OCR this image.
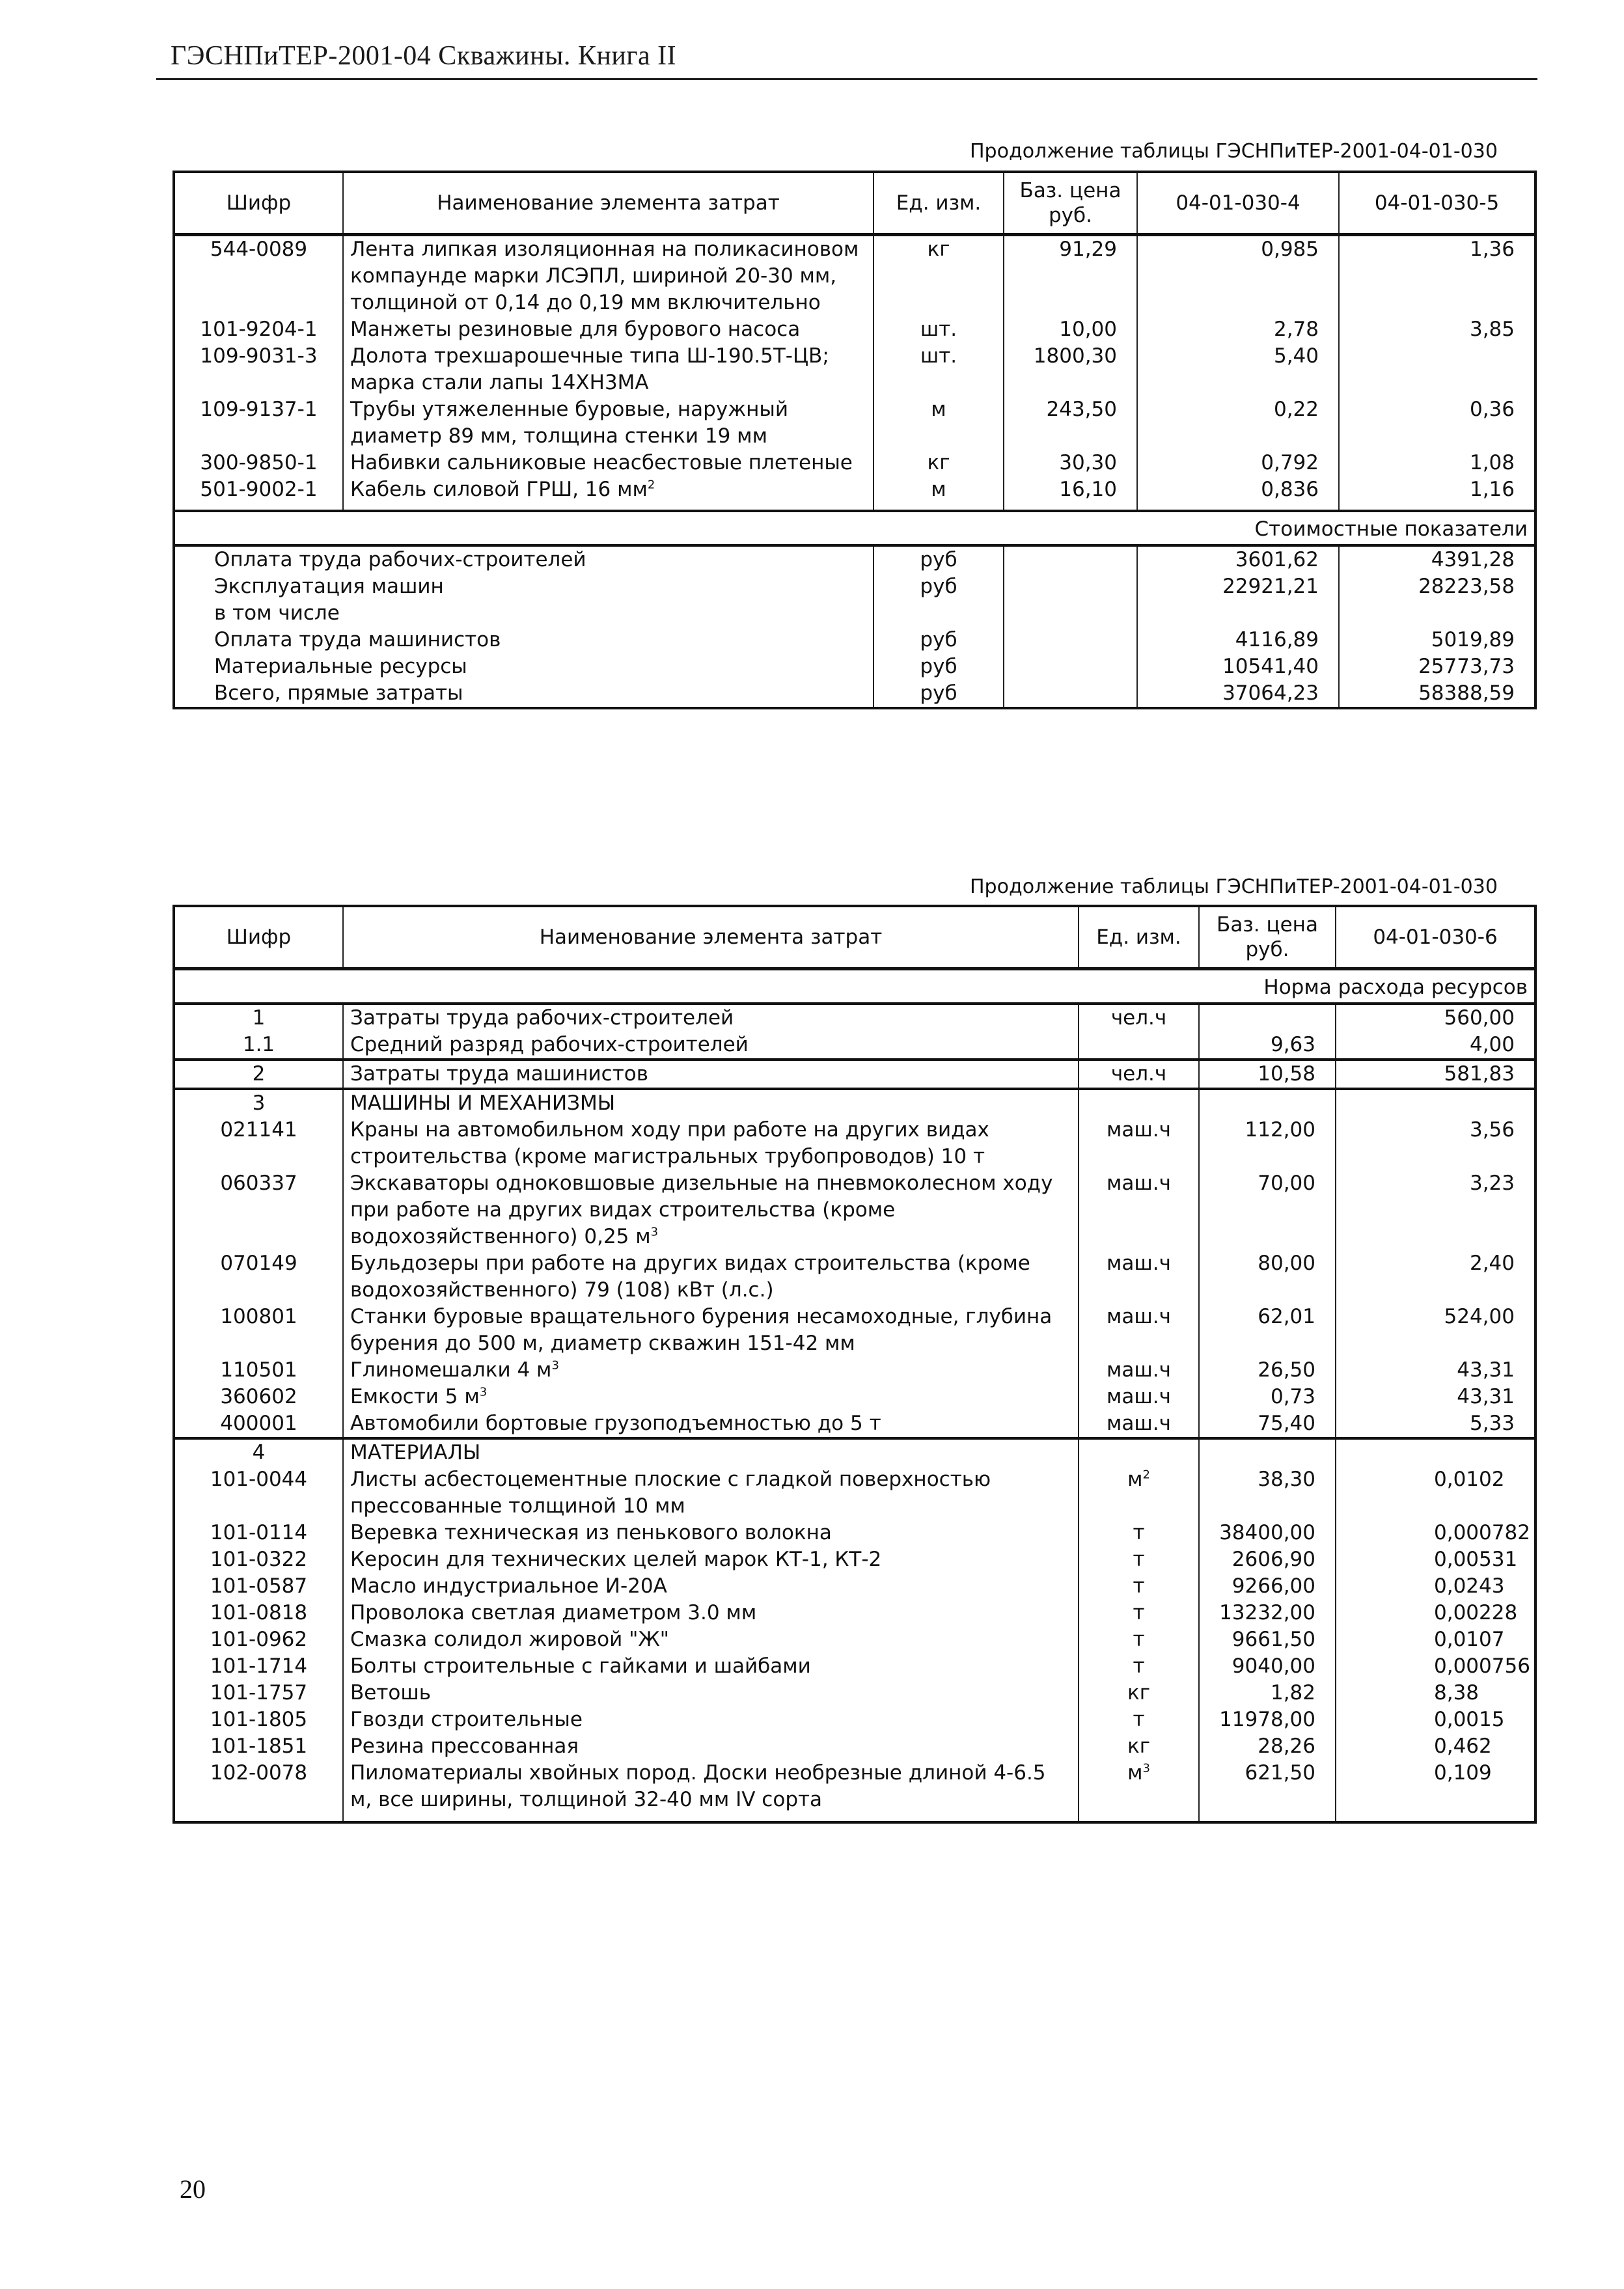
ГЭСНПиТЕР-2001-04 Скважины. Книга II
Продолжение таблицы ГЭСНПиТЕР-2001-04-01-030
Шифр	Наименование элемента затрат	Ед. изм.	Баз. цена руб.	04-01-030-4	04-01-030-5
544-0089	Лента липкая изоляционная на поликасиновом компаунде марки ЛСЭПЛ, шириной 20-30 мм, толщиной от 0,14 до 0,19 мм включительно	кг	91,29	0,985	1,36
101-9204-1	Манжеты резиновые для бурового насоса	шт.	10,00	2,78	3,85
109-9031-3	Долота трехшарошечные типа Ш-190.5Т-ЦВ; марка стали лапы 14ХН3МА	шт.	1800,30	5,40	
109-9137-1	Трубы утяжеленные буровые, наружный диаметр 89 мм, толщина стенки 19 мм	м	243,50	0,22	0,36
300-9850-1	Набивки сальниковые неасбестовые плетеные	кг	30,30	0,792	1,08
501-9002-1	Кабель силовой ГРШ, 16 $мм^2$	м	16,10	0,836	1,16
Стоимостные показатели					
Оплата труда рабочих-строителей		руб		3601,62	4391,28
Эксплуатация машин		руб		22921,21	28223,58
в том числе					
Оплата труда машинистов		руб		4116,89	5019,89
Материальные ресурсы		руб		10541,40	25773,73
Всего, прямые затраты		руб		37064,23	58388,59
Продолжение таблицы ГЭСНПиТЕР-2001-04-01-030
Шифр	Наименование элемента затрат	Ед. изм.	Баз. цена руб.	04-01-030-6
Норма расхода ресурсов				
1	Затраты труда рабочих-строителей	чел.ч		560,00
1.1	Средний разряд рабочих-строителей		9,63	4,00
2	Затраты труда машинистов	чел.ч	10,58	581,83
3	МАШИНЫ И МЕХАНИЗМЫ			
021141	Краны на автомобильном ходу при работе на других видах строительства (кроме магистральных трубопроводов) 10 т	маш.ч	112,00	3,56
060337	Экскаваторы одноковшовые дизельные на пневмоколесном ходу при работе на других видах строительства (кроме водохозяйственного) 0,25 $м^3$	маш.ч	70,00	3,23
070149	Бульдозеры при работе на других видах строительства (кроме водохозяйственного) 79 (108) кВт (л.с.)	маш.ч	80,00	2,40
100801	Станки буровые вращательного бурения несамоходные, глубина бурения до 500 м, диаметр скважин 151-42 мм	маш.ч	62,01	524,00
110501	Глиномешалки 4 $м^3$	маш.ч	26,50	43,31
360602	Емкости 5 $м^3$	маш.ч	0,73	43,31
400001	Автомобили бортовые грузоподъемностью до 5 т	маш.ч	75,40	5,33
4	МАТЕРИАЛЫ			
101-0044	Листы асбестоцементные плоские с гладкой поверхностью прессованные толщиной 10 мм	$м^2$	38,30	0,0102
101-0114	Веревка техническая из пенькового волокна	т	38400,00	0,000782
101-0322	Керосин для технических целей марок КТ-1, КТ-2	т	2606,90	0,00531
101-0587	Масло индустриальное И-20А	т	9266,00	0,0243
101-0818	Проволока светлая диаметром 3.0 мм	т	13232,00	0,00228
101-0962	Смазка солидол жировой "Ж"	т	9661,50	0,0107
101-1714	Болты строительные с гайками и шайбами	т	9040,00	0,000756
101-1757	Ветошь	кг	1,82	8,38
101-1805	Гвозди строительные	т	11978,00	0,0015
101-1851	Резина прессованная	кг	28,26	0,462
102-0078	Пиломатериалы хвойных пород. Доски необрезные длиной 4-6.5 м, все ширины, толщиной 32-40 мм IV сорта	$м^3$	621,50	0,109
20
